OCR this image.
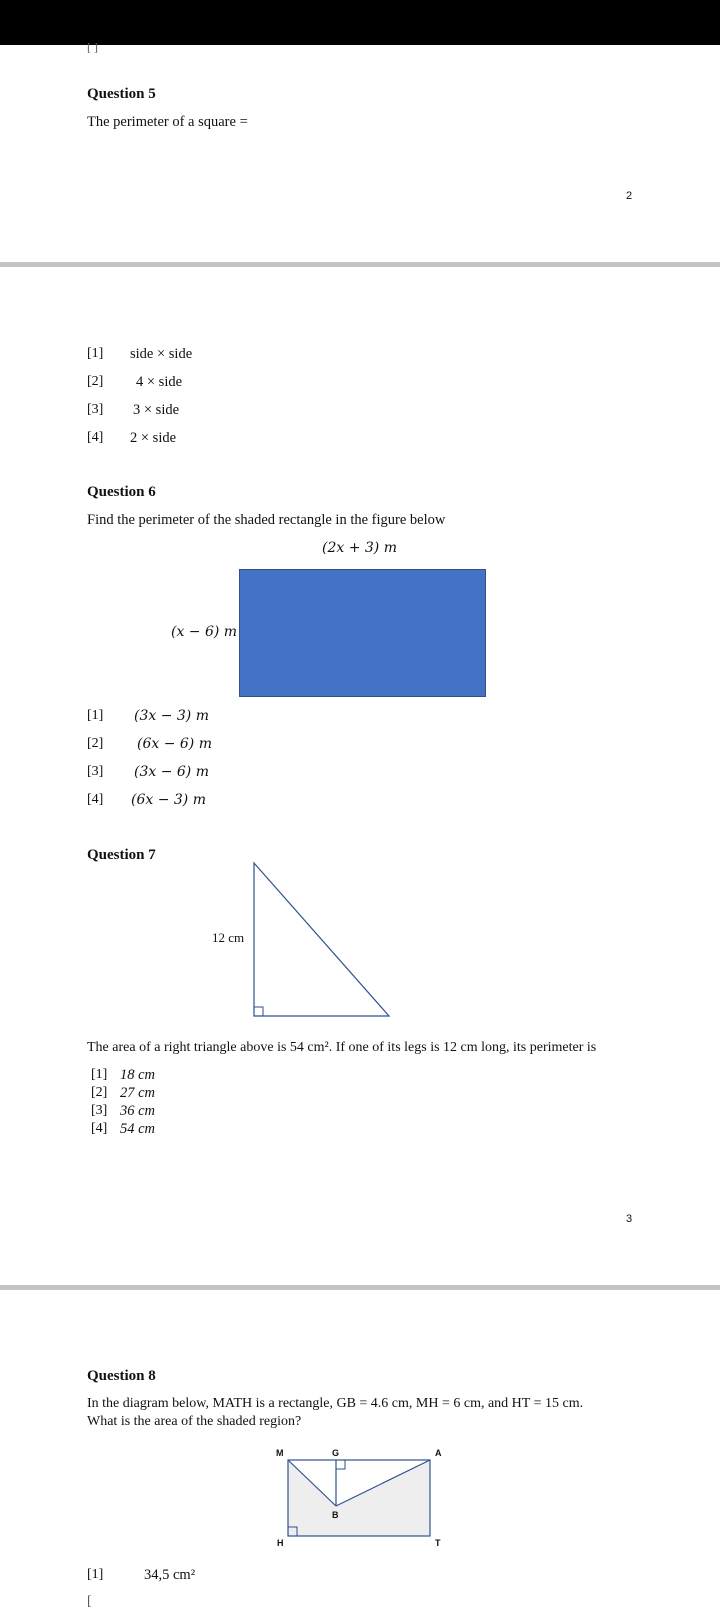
[ ]
Question 5
The perimeter of a square =
2
[1] side × side
[2] 4 × side
[3] 3 × side
[4] 2 × side
Question 6
Find the perimeter of the shaded rectangle in the figure below
(2x + 3) m
(x − 6) m
[1] (3x − 3) m
[2] (6x − 6) m
[3] (3x − 6) m
[4] (6x − 3) m
Question 7
12 cm
The area of a right triangle above is 54 cm². If one of its legs is 12 cm long, its perimeter is
[1] 18 cm
[2] 27 cm
[3] 36 cm
[4] 54 cm
3
Question 8
In the diagram below, MATH is a rectangle, GB = 4.6 cm, MH = 6 cm, and HT = 15 cm.
What is the area of the shaded region?
M	G	A
B
H	T
[1]	34,5 cm²
[
